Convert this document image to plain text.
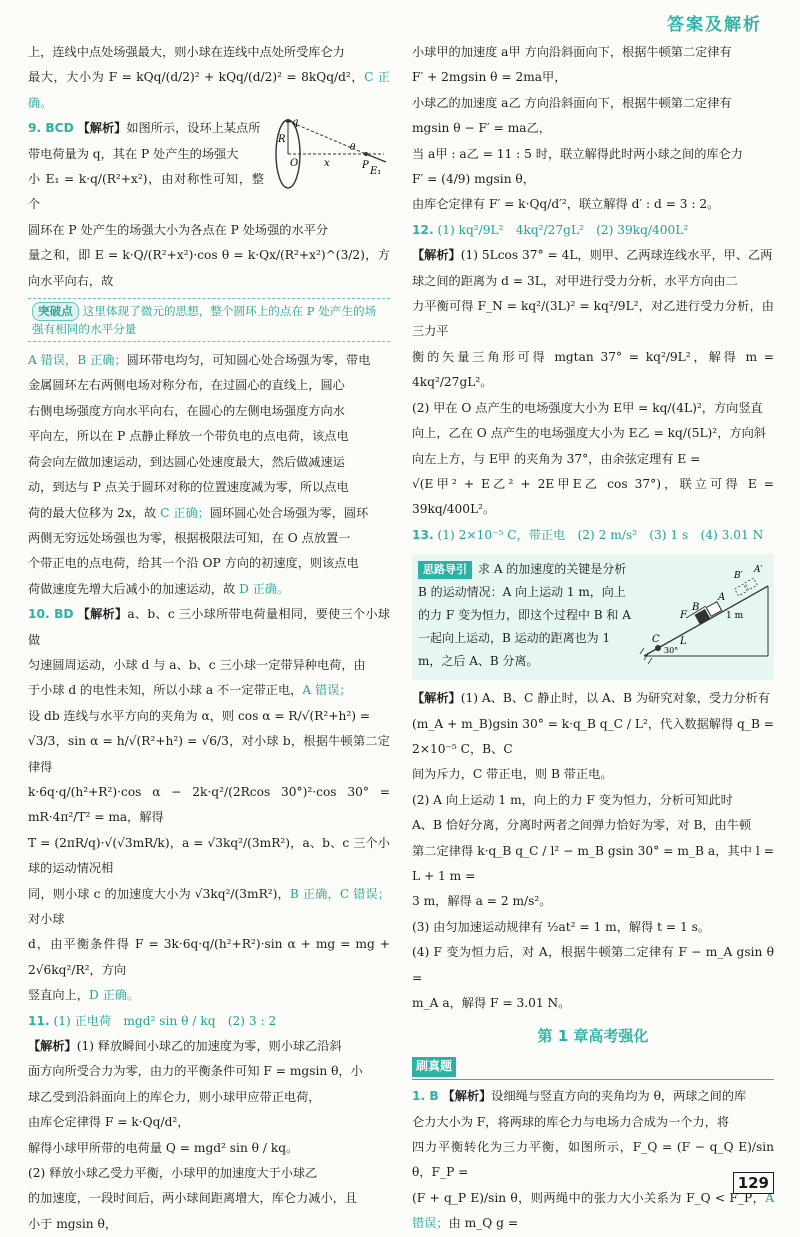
答案及解析

上，连线中点处场强最大，则小球在连线中点处所受库仑力

最大，大小为 F = kQq/(d/2)² + kQq/(d/2)² = 8kQq/d²，C 正确。

9. BCD 【解析】如图所示，设环上某点所

带电荷量为 q，其在 P 处产生的场强大

小 E₁ = k·q/(R²+x²)，由对称性可知，整个

q
R
O	x
θ
P
E₁

圆环在 P 处产生的场强大小为各点在 P 处场强的水平分

量之和，即 E = k·Q/(R²+x²)·cos θ = k·Qx/(R²+x²)^(3/2)，方向水平向右，故

突破点 这里体现了微元的思想，整个圆环上的点在 P 处产生的场强有相同的水平分量

A 错误，B 正确；圆环带电均匀，可知圆心处合场强为零，带电

金属圆环左右两侧电场对称分布，在过圆心的直线上，圆心

右侧电场强度方向水平向右，在圆心的左侧电场强度方向水

平向左，所以在 P 点静止释放一个带负电的点电荷，该点电

荷会向左做加速运动，到达圆心处速度最大，然后做减速运

动，到达与 P 点关于圆环对称的位置速度减为零，所以点电

荷的最大位移为 2x，故 C 正确；圆环圆心处合场强为零，圆环

两侧无穷远处场强也为零，根据极限法可知，在 O 点放置一

个带正电的点电荷，给其一个沿 OP 方向的初速度，则该点电

荷做速度先增大后减小的加速运动，故 D 正确。

10. BD 【解析】a、b、c 三小球所带电荷量相同，要使三个小球做

匀速圆周运动，小球 d 与 a、b、c 三小球一定带异种电荷，由

于小球 d 的电性未知，所以小球 a 不一定带正电，A 错误；

设 db 连线与水平方向的夹角为 α，则 cos α = R/√(R²+h²) =

√3/3，sin α = h/√(R²+h²) = √6/3，对小球 b，根据牛顿第二定律得

k·6q·q/(h²+R²)·cos α − 2k·q²/(2Rcos 30°)²·cos 30° = mR·4π²/T² = ma，解得

T = (2πR/q)·√(√3mR/k)，a = √3kq²/(3mR²)，a、b、c 三个小球的运动情况相

同，则小球 c 的加速度大小为 √3kq²/(3mR²)，B 正确，C 错误；对小球

d，由平衡条件得 F = 3k·6q·q/(h²+R²)·sin α + mg = mg + 2√6kq²/R²，方向

竖直向上，D 正确。

11. (1) 正电荷　mgd² sin θ / kq　(2) 3 : 2

【解析】(1) 释放瞬间小球乙的加速度为零，则小球乙沿斜

面方向所受合力为零，由力的平衡条件可知 F = mgsin θ，小

球乙受到沿斜面向上的库仑力，则小球甲应带正电荷，

由库仑定律得 F = k·Qq/d²，

解得小球甲所带的电荷量 Q = mgd² sin θ / kq。

(2) 释放小球乙受力平衡，小球甲的加速度大于小球乙

的加速度，一段时间后，两小球间距离增大，库仑力减小，且

小于 mgsin θ，

小球甲的加速度 a甲 方向沿斜面向下，根据牛顿第二定律有

F′ + 2mgsin θ = 2ma甲，

小球乙的加速度 a乙 方向沿斜面向下，根据牛顿第二定律有

mgsin θ − F′ = ma乙，

当 a甲 : a乙 = 11 : 5 时，联立解得此时两小球之间的库仑力

F′ = (4/9) mgsin θ，

由库仑定律有 F′ = k·Qq/d′²，联立解得 d′ : d = 3 : 2。

12. (1) kq²/9L²　4kq²/27gL²　(2) 39kq/400L²

【解析】(1) 5Lcos 37° = 4L，则甲、乙两球连线水平，甲、乙两

球之间的距离为 d = 3L，对甲进行受力分析，水平方向由二

力平衡可得 F_N = kq²/(3L)² = kq²/9L²，对乙进行受力分析，由三力平

衡的矢量三角形可得 mgtan 37° = kq²/9L²，解得 m = 4kq²/27gL²。

(2) 甲在 O 点产生的电场强度大小为 E甲 = kq/(4L)²，方向竖直

向上，乙在 O 点产生的电场强度大小为 E乙 = kq/(5L)²，方向斜

向左上方，与 E甲 的夹角为 37°，由余弦定理有 E =

√(E甲² + E乙² + 2E甲E乙 cos 37°)，联立可得 E = 39kq/400L²。

13. (1) 2×10⁻⁵ C，带正电　(2) 2 m/s²　(3) 1 s　(4) 3.01 N

思路导引 求 A 的加速度的关键是分析 B 的运动情况：A 向上运动 1 m，向上的力 F 变为恒力，即这个过程中 B 和 A 一起向上运动，B 运动的距离也为 1 m，之后 A、B 分离。
A
B
A′
B′
F
C L
1 m
30°

【解析】(1) A、B、C 静止时，以 A、B 为研究对象，受力分析有

(m_A + m_B)gsin 30° = k·q_B q_C / L²，代入数据解得 q_B = 2×10⁻⁵ C，B、C

间为斥力，C 带正电，则 B 带正电。

(2) A 向上运动 1 m，向上的力 F 变为恒力，分析可知此时

A、B 恰好分离，分离时两者之间弹力恰好为零，对 B，由牛顿

第二定律得 k·q_B q_C / l² − m_B gsin 30° = m_B a，其中 l = L + 1 m =

3 m，解得 a = 2 m/s²。

(3) 由匀加速运动规律有 ½at² = 1 m，解得 t = 1 s。

(4) F 变为恒力后，对 A，根据牛顿第二定律有 F − m_A gsin θ =

m_A a，解得 F = 3.01 N。

第 1 章高考强化
刷真题

1. B 【解析】设细绳与竖直方向的夹角均为 θ，两球之间的库

仑力大小为 F，将两球的库仑力与电场力合成为一个力，将

四力平衡转化为三力平衡，如图所示，F_Q = (F − q_Q E)/sin θ，F_P =

(F + q_P E)/sin θ，则两绳中的张力大小关系为 F_Q < F_P，A 错误；由 m_Q g =

129
